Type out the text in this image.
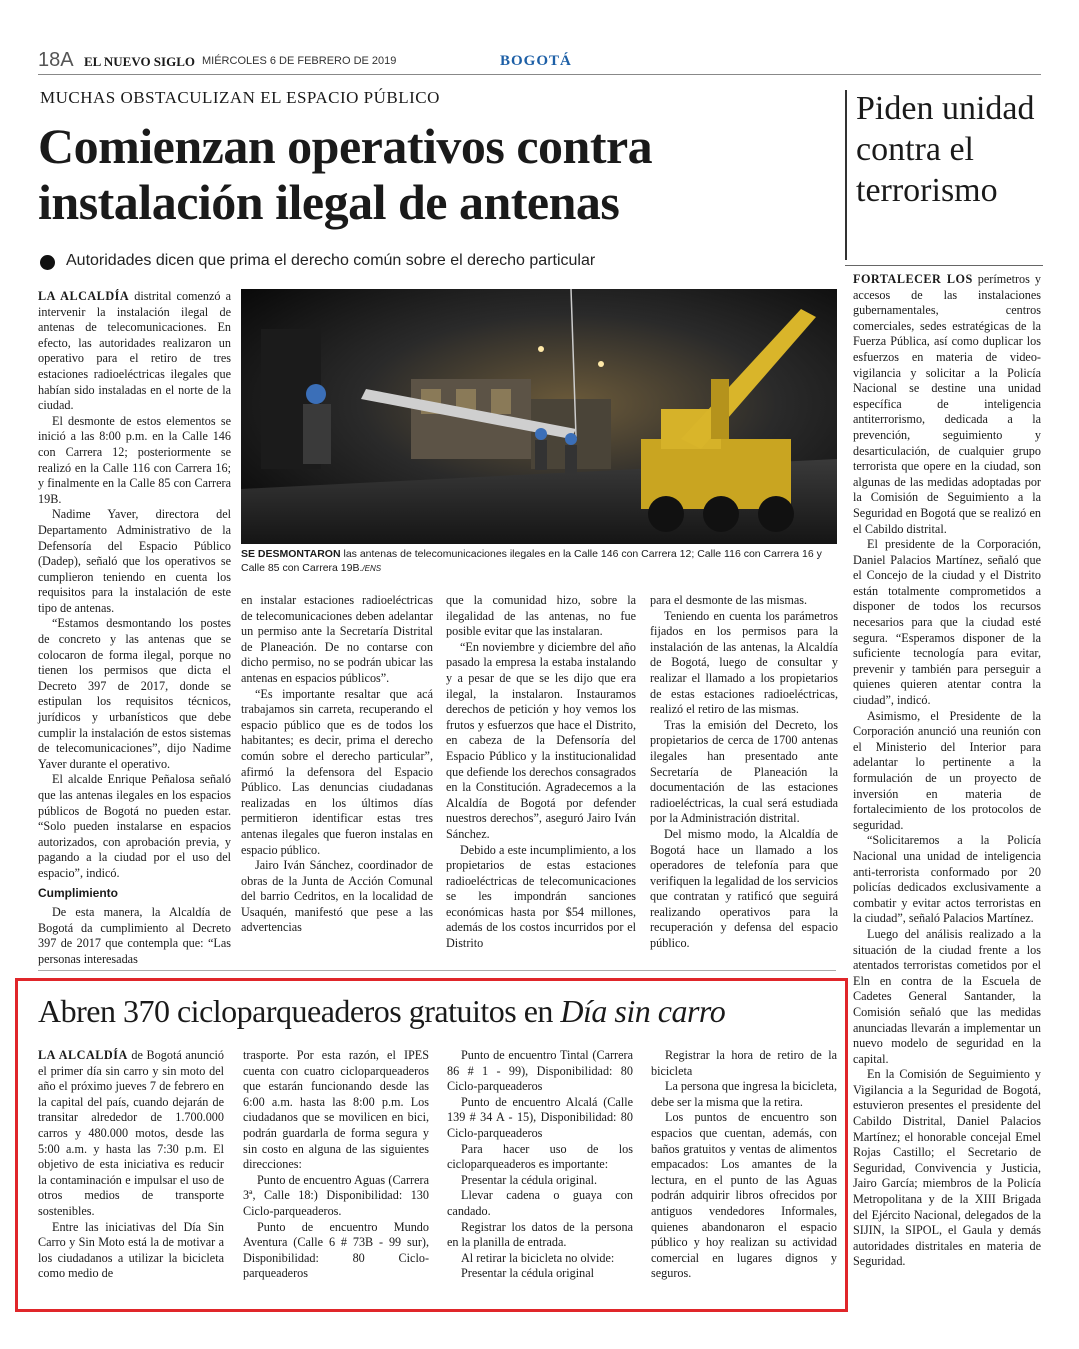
18A EL NUEVO SIGLO MIÉRCOLES 6 DE FEBRERO DE 2019	BOGOTÁ
MUCHAS OBSTACULIZAN EL ESPACIO PÚBLICO
Comienzan operativos contra instalación ilegal de antenas
Autoridades dicen que prima el derecho común sobre el derecho particular

LA ALCALDÍA distrital comenzó a intervenir la instalación ilegal de antenas de telecomunicaciones. En efecto, las autoridades realizaron un operativo para el retiro de tres estaciones radioeléctricas ilegales que habían sido instaladas en el norte de la ciudad.

El desmonte de estos elementos se inició a las 8:00 p.m. en la Calle 146 con Carrera 12; posteriormente se realizó en la Calle 116 con Carrera 16; y finalmente en la Calle 85 con Carrera 19B.

Nadime Yaver, directora del Departamento Administrativo de la Defensoría del Espacio Público (Dadep), señaló que los operativos se cumplieron teniendo en cuenta los requisitos para la instalación de este tipo de antenas.

“Estamos desmontando los postes de concreto y las antenas que se colocaron de forma ilegal, porque no tienen los permisos que dicta el Decreto 397 de 2017, donde se estipulan los requisitos técnicos, jurídicos y urbanísticos que debe cumplir la instalación de estos sistemas de telecomunicaciones”, dijo Nadime Yaver durante el operativo.

El alcalde Enrique Peñalosa señaló que las antenas ilegales en los espacios públicos de Bogotá no pueden estar. “Solo pueden instalarse en espacios autorizados, con aprobación previa, y pagando a la ciudad por el uso del espacio”, indicó.

Cumplimiento

De esta manera, la Alcaldía de Bogotá da cumplimiento al Decreto 397 de 2017 que contempla que: “Las personas interesadas

SE DESMONTARON las antenas de telecomunicaciones ilegales en la Calle 146 con Carrera 12; Calle 116 con Carrera 16 y Calle 85 con Carrera 19B./ENS

en instalar estaciones radioeléctricas de telecomunicaciones deben adelantar un permiso ante la Secretaría Distrital de Planeación. De no contarse con dicho permiso, no se podrán ubicar las antenas en espacios públicos”.

“Es importante resaltar que acá trabajamos sin carreta, recuperando el espacio público que es de todos los habitantes; es decir, prima el derecho común sobre el derecho particular”, afirmó la defensora del Espacio Público. Las denuncias ciudadanas realizadas en los últimos días permitieron identificar estas tres antenas ilegales que fueron instalas en espacio público.

Jairo Iván Sánchez, coordinador de obras de la Junta de Acción Comunal del barrio Cedritos, en la localidad de Usaquén, manifestó que pese a las advertencias

que la comunidad hizo, sobre la ilegalidad de las antenas, no fue posible evitar que las instalaran.

“En noviembre y diciembre del año pasado la empresa la estaba instalando y a pesar de que se les dijo que era ilegal, la instalaron. Instauramos derechos de petición y hoy vemos los frutos y esfuerzos que hace el Distrito, en cabeza de la Defensoría del Espacio Público y la institucionalidad que defiende los derechos consagrados en la Constitución. Agradecemos a la Alcaldía de Bogotá por defender nuestros derechos”, aseguró Jairo Iván Sánchez.

Debido a este incumplimiento, a los propietarios de estas estaciones radioeléctricas de telecomunicaciones se les impondrán sanciones económicas hasta por $54 millones, además de los costos incurridos por el Distrito

para el desmonte de las mismas.

Teniendo en cuenta los parámetros fijados en los permisos para la instalación de las antenas, la Alcaldía de Bogotá, luego de consultar y realizar el llamado a los propietarios de estas estaciones radioeléctricas, realizó el retiro de las mismas.

Tras la emisión del Decreto, los propietarios de cerca de 1700 antenas ilegales han presentado ante Secretaría de Planeación la documentación de las estaciones radioeléctricas, la cual será estudiada por la Administración distrital.

Del mismo modo, la Alcaldía de Bogotá hace un llamado a los operadores de telefonía para que verifiquen la legalidad de los servicios que contratan y ratificó que seguirá realizando operativos para la recuperación y defensa del espacio público.

Piden unidad contra el terrorismo

FORTALECER LOS perímetros y accesos de las instalaciones gubernamentales, centros comerciales, sedes estratégicas de la Fuerza Pública, así como duplicar los esfuerzos en materia de video-vigilancia y solicitar a la Policía Nacional se destine una unidad específica de inteligencia antiterrorismo, dedicada a la prevención, seguimiento y desarticulación, de cualquier grupo terrorista que opere en la ciudad, son algunas de las medidas adoptadas por la Comisión de Seguimiento a la Seguridad en Bogotá que se realizó en el Cabildo distrital.

El presidente de la Corporación, Daniel Palacios Martínez, señaló que el Concejo de la ciudad y el Distrito están totalmente comprometidos a disponer de todos los recursos necesarios para que la ciudad esté segura. “Esperamos disponer de la suficiente tecnología para evitar, prevenir y también para perseguir a quienes quieren atentar contra la ciudad”, indicó.

Asimismo, el Presidente de la Corporación anunció una reunión con el Ministerio del Interior para adelantar lo pertinente a la formulación de un proyecto de inversión en materia de fortalecimiento de los protocolos de seguridad.

“Solicitaremos a la Policía Nacional una unidad de inteligencia anti-terrorista conformado por 20 policías dedicados exclusivamente a combatir y evitar actos terroristas en la ciudad”, señaló Palacios Martínez.

Luego del análisis realizado a la situación de la ciudad frente a los atentados terroristas cometidos por el Eln en contra de la Escuela de Cadetes General Santander, la Comisión señaló que las medidas anunciadas llevarán a implementar un nuevo modelo de seguridad en la capital.

En la Comisión de Seguimiento y Vigilancia a la Seguridad de Bogotá, estuvieron presentes el presidente del Cabildo Distrital, Daniel Palacios Martínez; el honorable concejal Emel Rojas Castillo; el Secretario de Seguridad, Convivencia y Justicia, Jairo García; miembros de la Policía Metropolitana y de la XIII Brigada del Ejército Nacional, delegados de la SIJIN, la SIPOL, el Gaula y demás autoridades distritales en materia de Seguridad.

Abren 370 cicloparqueaderos gratuitos en Día sin carro

LA ALCALDÍA de Bogotá anunció el primer día sin carro y sin moto del año el próximo jueves 7 de febrero en la capital del país, cuando dejarán de transitar alrededor de 1.700.000 carros y 480.000 motos, desde las 5:00 a.m. y hasta las 7:30 p.m. El objetivo de esta iniciativa es reducir la contaminación e impulsar el uso de otros medios de transporte sostenibles.

Entre las iniciativas del Día Sin Carro y Sin Moto está la de motivar a los ciudadanos a utilizar la bicicleta como medio de

trasporte. Por esta razón, el IPES cuenta con cuatro cicloparqueaderos que estarán funcionando desde las 6:00 a.m. hasta las 8:00 p.m. Los ciudadanos que se movilicen en bici, podrán guardarla de forma segura y sin costo en alguna de las siguientes direcciones:

Punto de encuentro Aguas (Carrera 3ª, Calle 18:) Disponibilidad: 130 Ciclo-parqueaderos.

Punto de encuentro Mundo Aventura (Calle 6 # 73B - 99 sur), Disponibilidad: 80 Ciclo-parqueaderos

Punto de encuentro Tintal (Carrera 86 # 1 - 99), Disponibilidad: 80 Ciclo-parqueaderos

Punto de encuentro Alcalá (Calle 139 # 34 A - 15), Disponibilidad: 80 Ciclo-parqueaderos

Para hacer uso de los cicloparqueaderos es importante:

Presentar la cédula original.

Llevar cadena o guaya con candado.

Registrar los datos de la persona en la planilla de entrada.

Al retirar la bicicleta no olvide:

Presentar la cédula original

Registrar la hora de retiro de la bicicleta

La persona que ingresa la bicicleta, debe ser la misma que la retira.

Los puntos de encuentro son espacios que cuentan, además, con baños gratuitos y ventas de alimentos empacados: Los amantes de la lectura, en el punto de las Aguas podrán adquirir libros ofrecidos por antiguos vendedores Informales, quienes abandonaron el espacio público y hoy realizan su actividad comercial en lugares dignos y seguros.
